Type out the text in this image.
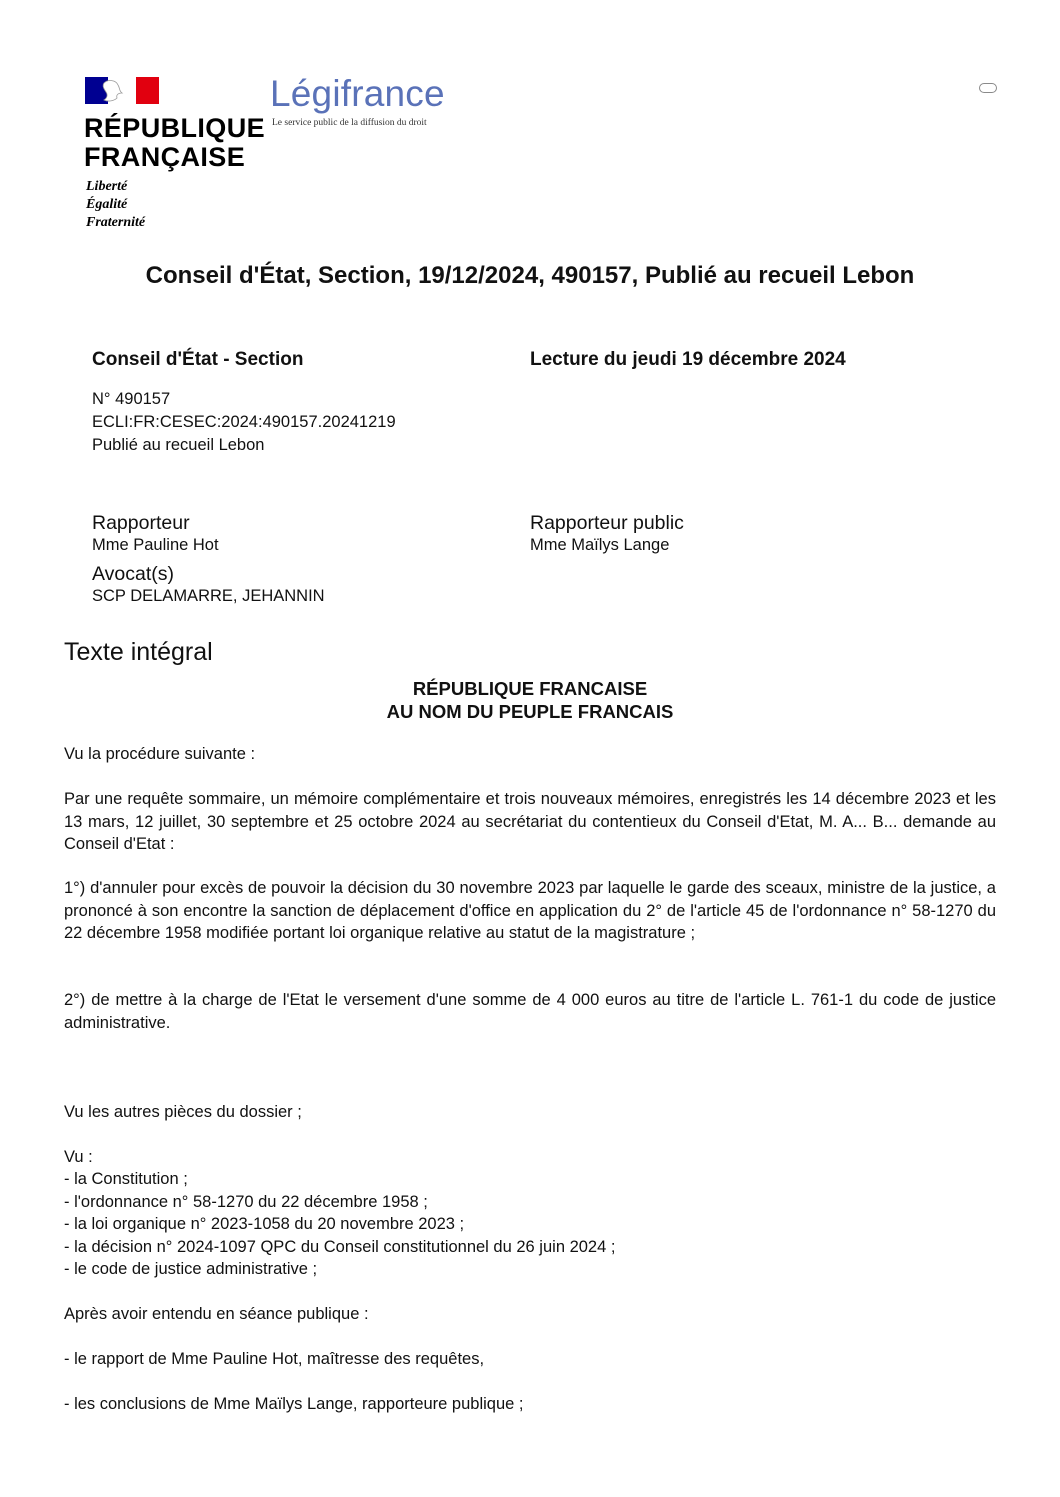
RÉPUBLIQUE
FRANÇAISE
Liberté
Égalité
Fraternité
Légifrance
Le service public de la diffusion du droit
Conseil d'État, Section, 19/12/2024, 490157, Publié au recueil Lebon
Conseil d'État - Section	Lecture du jeudi 19 décembre 2024
N° 490157
ECLI:FR:CESEC:2024:490157.20241219
Publié au recueil Lebon
Rapporteur
Mme Pauline Hot
Rapporteur public
Mme Maïlys Lange
Avocat(s)
SCP DELAMARRE, JEHANNIN
Texte intégral
RÉPUBLIQUE FRANCAISE
AU NOM DU PEUPLE FRANCAIS
Vu la procédure suivante :
Par une requête sommaire, un mémoire complémentaire et trois nouveaux mémoires, enregistrés les 14 décembre 2023 et les 13 mars, 12 juillet, 30 septembre et 25 octobre 2024 au secrétariat du contentieux du Conseil d'Etat, M. A... B... demande au Conseil d'Etat :
1°) d'annuler pour excès de pouvoir la décision du 30 novembre 2023 par laquelle le garde des sceaux, ministre de la justice, a prononcé à son encontre la sanction de déplacement d'office en application du 2° de l'article 45 de l'ordonnance n° 58-1270 du 22 décembre 1958 modifiée portant loi organique relative au statut de la magistrature ;
2°) de mettre à la charge de l'Etat le versement d'une somme de 4 000 euros au titre de l'article L. 761-1 du code de justice administrative.
Vu les autres pièces du dossier ;
Vu :
- la Constitution ;
- l'ordonnance n° 58-1270 du 22 décembre 1958 ;
- la loi organique n° 2023-1058 du 20 novembre 2023 ;
- la décision n° 2024-1097 QPC du Conseil constitutionnel du 26 juin 2024 ;
- le code de justice administrative ;
Après avoir entendu en séance publique :
- le rapport de Mme Pauline Hot, maîtresse des requêtes,
- les conclusions de Mme Maïlys Lange, rapporteure publique ;
